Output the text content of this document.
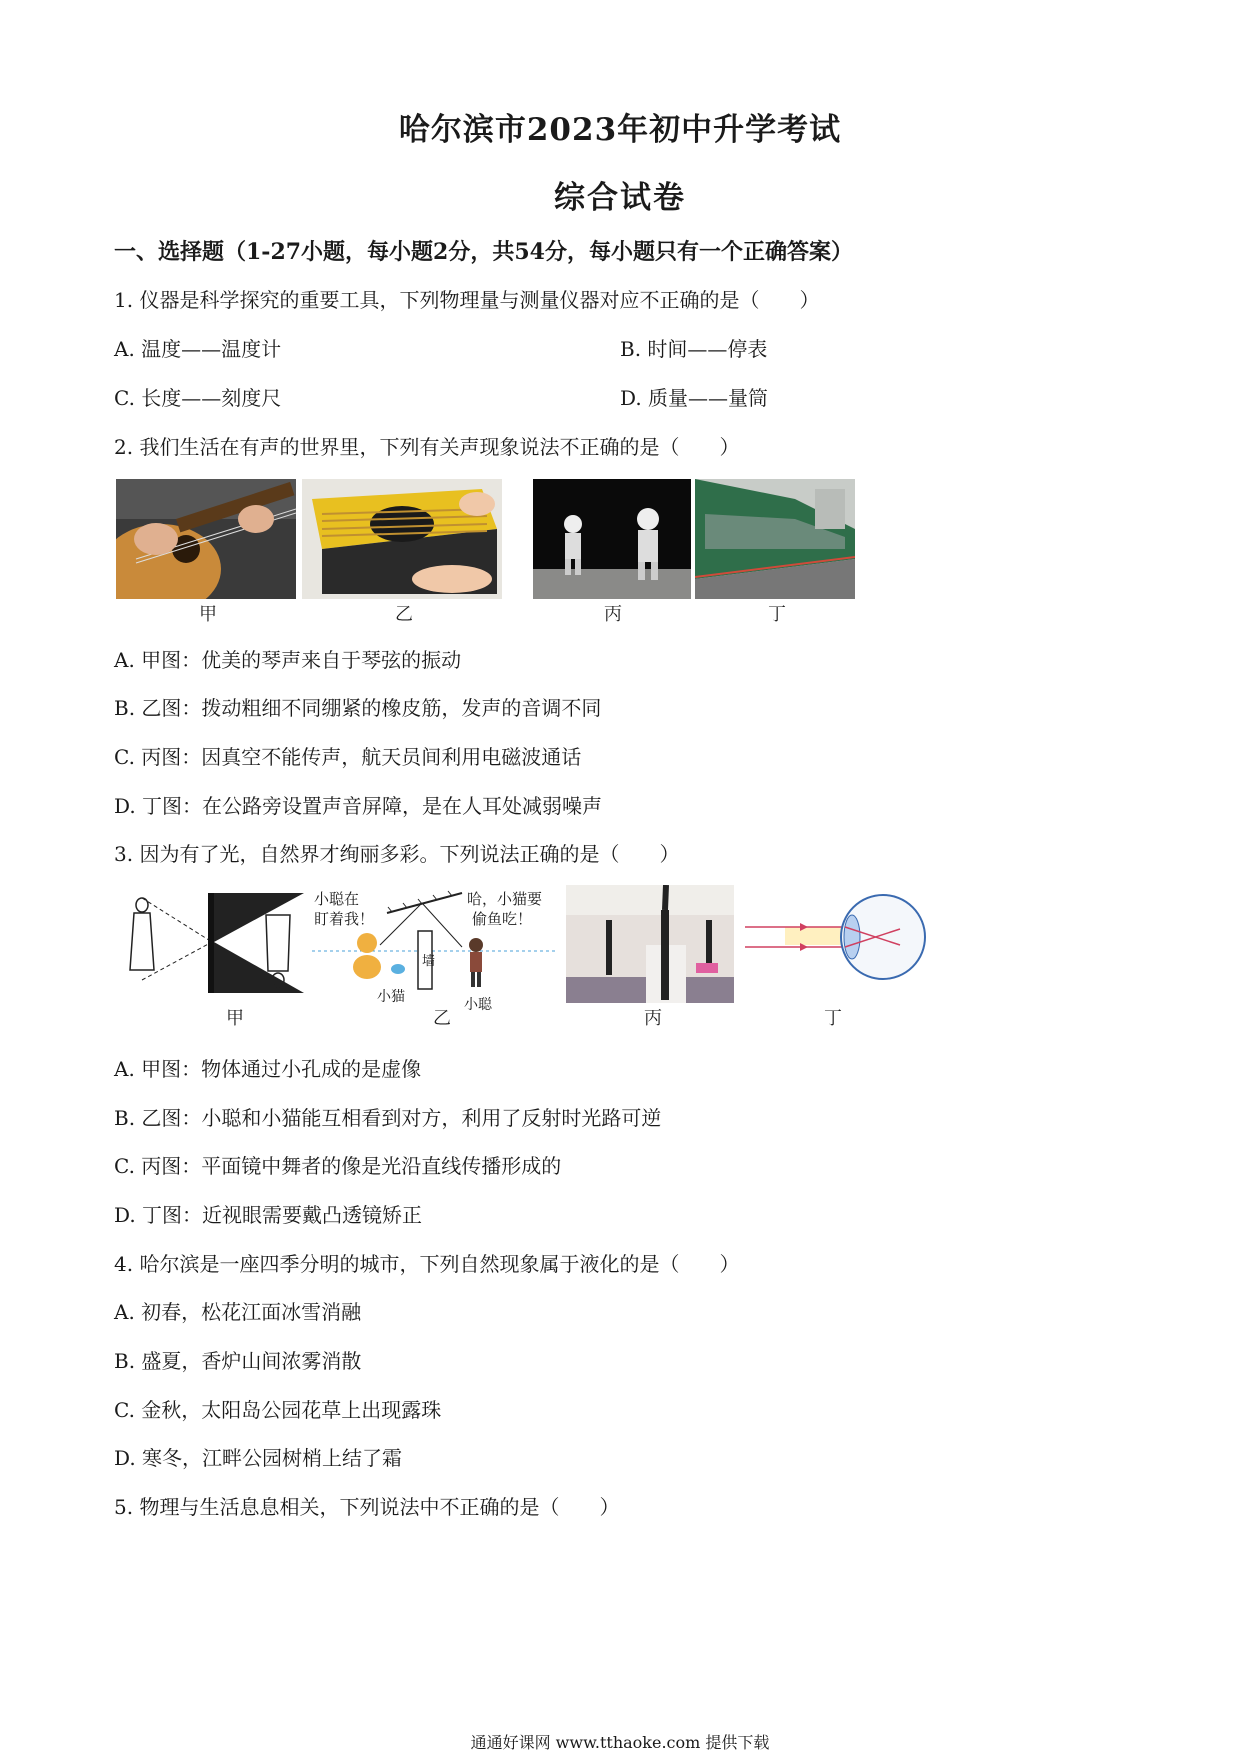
哈尔滨市2023年初中升学考试
综合试卷
一、选择题（1-27小题，每小题2分，共54分，每小题只有一个正确答案）
1. 仪器是科学探究的重要工具，下列物理量与测量仪器对应不正确的是（　　）
A. 温度——温度计	B. 时间——停表
C. 长度——刻度尺	D. 质量——量筒
2. 我们生活在有声的世界里，下列有关声现象说法不正确的是（　　）
甲	乙	丙	丁
A. 甲图：优美的琴声来自于琴弦的振动
B. 乙图：拨动粗细不同绷紧的橡皮筋，发声的音调不同
C. 丙图：因真空不能传声，航天员间利用电磁波通话
D. 丁图：在公路旁设置声音屏障，是在人耳处减弱噪声
3. 因为有了光，自然界才绚丽多彩。下列说法正确的是（　　）
甲
小聪在
盯着我！
哈，小猫要
偷鱼吃！
墙
小猫	小聪
乙	丙	丁
A. 甲图：物体通过小孔成的是虚像
B. 乙图：小聪和小猫能互相看到对方，利用了反射时光路可逆
C. 丙图：平面镜中舞者的像是光沿直线传播形成的
D. 丁图：近视眼需要戴凸透镜矫正
4. 哈尔滨是一座四季分明的城市，下列自然现象属于液化的是（　　）
A. 初春，松花江面冰雪消融
B. 盛夏，香炉山间浓雾消散
C. 金秋，太阳岛公园花草上出现露珠
D. 寒冬，江畔公园树梢上结了霜
5. 物理与生活息息相关，下列说法中不正确的是（　　）
通通好课网 www.tthaoke.com 提供下载
